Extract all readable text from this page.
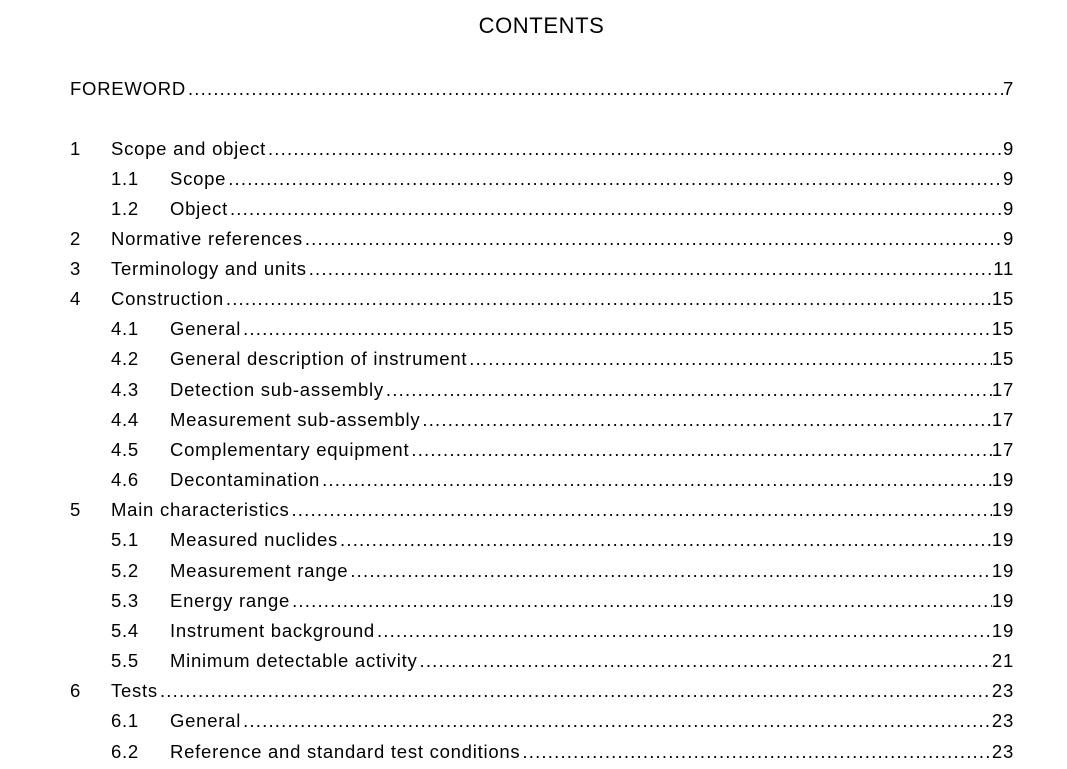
CONTENTS
FOREWORD .....	7
1	Scope and object .....	9
1.1	Scope .....	9
1.2	Object .....	9
2	Normative references .....	9
3	Terminology and units .....	11
4	Construction .....	15
4.1	General .....	15
4.2	General description of instrument .....	15
4.3	Detection sub-assembly .....	17
4.4	Measurement sub-assembly .....	17
4.5	Complementary equipment .....	17
4.6	Decontamination .....	19
5	Main characteristics .....	19
5.1	Measured nuclides .....	19
5.2	Measurement range .....	19
5.3	Energy range .....	19
5.4	Instrument background .....	19
5.5	Minimum detectable activity .....	21
6	Tests .....	23
6.1	General .....	23
6.2	Reference and standard test conditions .....	23
